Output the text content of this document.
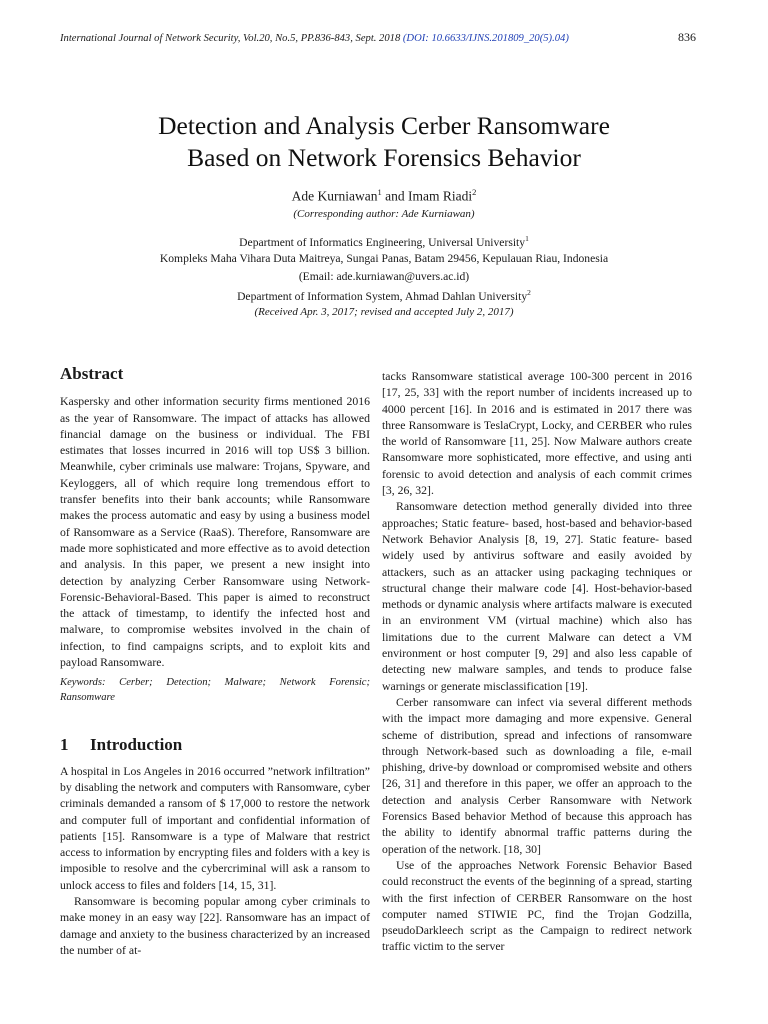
International Journal of Network Security, Vol.20, No.5, PP.836-843, Sept. 2018 (DOI: 10.6633/IJNS.201809_20(5).04)	836
Detection and Analysis Cerber Ransomware
Based on Network Forensics Behavior
Ade Kurniawan$^1$ and Imam Riadi$^2$
(Corresponding author: Ade Kurniawan)
Department of Informatics Engineering, Universal University$^1$
Kompleks Maha Vihara Duta Maitreya, Sungai Panas, Batam 29456, Kepulauan Riau, Indonesia
(Email: ade.kurniawan@uvers.ac.id)
Department of Information System, Ahmad Dahlan University$^2$
(Received Apr. 3, 2017; revised and accepted July 2, 2017)
Abstract

Kaspersky and other information security firms mentioned 2016 as the year of Ransomware. The impact of attacks has allowed financial damage on the business or individual. The FBI estimates that losses incurred in 2016 will top US$ 3 billion. Meanwhile, cyber criminals use malware: Trojans, Spyware, and Keyloggers, all of which require long tremendous effort to transfer benefits into their bank accounts; while Ransomware makes the process automatic and easy by using a business model of Ransomware as a Service (RaaS). Therefore, Ransomware are made more sophisticated and more effective as to avoid detection and analysis. In this paper, we present a new insight into detection by analyzing Cerber Ransomware using Network-Forensic-Behavioral-Based. This paper is aimed to reconstruct the attack of timestamp, to identify the infected host and malware, to compromise websites involved in the chain of infection, to find campaigns scripts, and to exploit kits and payload Ransomware.

Keywords: Cerber; Detection; Malware; Network Forensic; Ransomware

1 Introduction

A hospital in Los Angeles in 2016 occurred ”network infiltration” by disabling the network and computers with Ransomware, cyber criminals demanded a ransom of $ 17,000 to restore the network and computer full of important and confidential information of patients [15]. Ransomware is a type of Malware that restrict access to information by encrypting files and folders with a key is imposible to resolve and the cybercriminal will ask a ransom to unlock access to files and folders [14, 15, 31].

Ransomware is becoming popular among cyber criminals to make money in an easy way [22]. Ransomware has an impact of damage and anxiety to the business characterized by an increased the number of at-

tacks Ransomware statistical average 100-300 percent in 2016 [17, 25, 33] with the report number of incidents increased up to 4000 percent [16]. In 2016 and is estimated in 2017 there was three Ransomware is TeslaCrypt, Locky, and CERBER who rules the world of Ransomware [11, 25]. Now Malware authors create Ransomware more sophisticated, more effective, and using anti forensic to avoid detection and analysis of each commit crimes [3, 26, 32].

Ransomware detection method generally divided into three approaches; Static feature- based, host-based and behavior-based Network Behavior Analysis [8, 19, 27]. Static feature- based widely used by antivirus software and easily avoided by attackers, such as an attacker using packaging techniques or structural change their malware code [4]. Host-behavior-based methods or dynamic analysis where artifacts malware is executed in an environment VM (virtual machine) which also has limitations due to the current Malware can detect a VM environment or host computer [9, 29] and also less capable of detecting new malware samples, and tends to produce false warnings or generate misclassification [19].

Cerber ransomware can infect via several different methods with the impact more damaging and more expensive. General scheme of distribution, spread and infections of ransomware through Network-based such as downloading a file, e-mail phishing, drive-by download or compromised website and others [26, 31] and therefore in this paper, we offer an approach to the detection and analysis Cerber Ransomware with Network Forensics Based behavior Method of because this approach has the ability to identify abnormal traffic patterns during the operation of the network. [18, 30]

Use of the approaches Network Forensic Behavior Based could reconstruct the events of the beginning of a spread, starting with the first infection of CERBER Ransomware on the host computer named STIWIE PC, find the Trojan Godzilla, pseudoDarkleech script as the Campaign to redirect network traffic victim to the server
